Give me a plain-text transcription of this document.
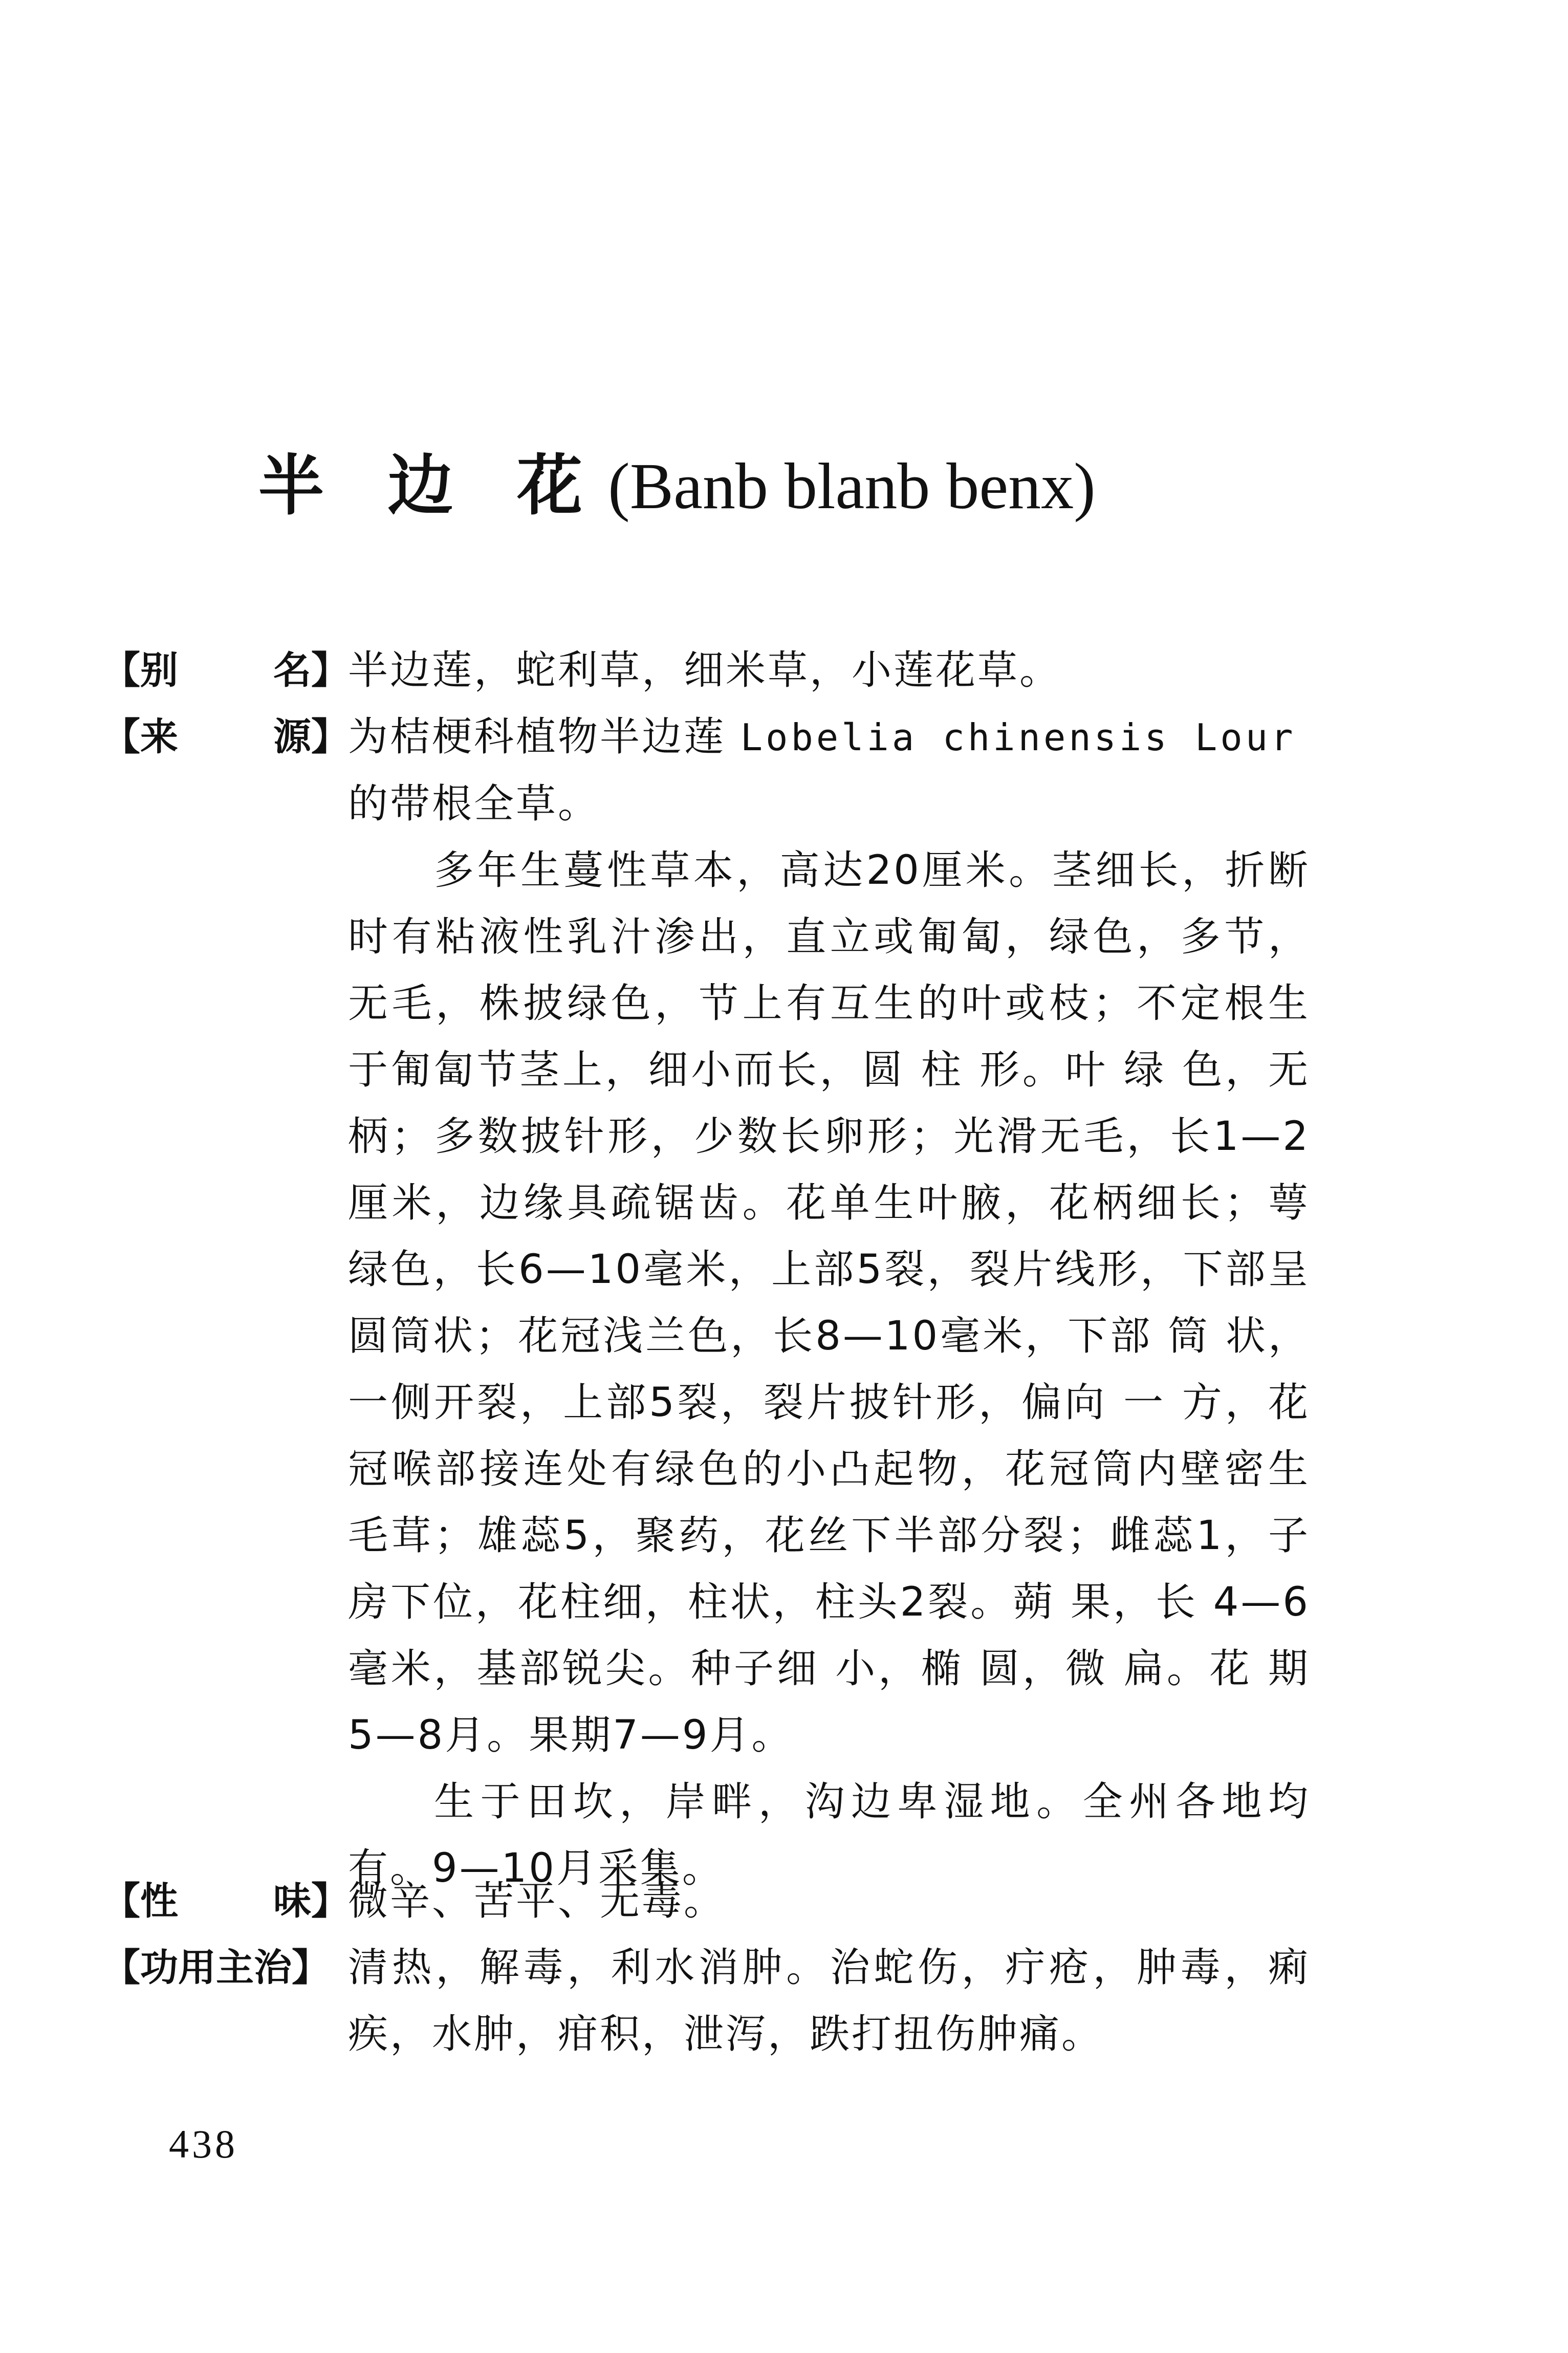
半 边 花(Banb blanb benx)
【别	名】
半边莲，蛇利草，细米草，小莲花草。
【来	源】
为桔梗科植物半边莲 Lobelia chinensis Lour
的带根全草。

多年生蔓性草本，高达20厘米。茎细长，折断时有粘液性乳汁渗出，直立或匍匐，绿色，多节，无毛，株披绿色，节上有互生的叶或枝；不定根生于匍匐节茎上，细小而长，圆 柱 形。叶 绿 色，无柄；多数披针形，少数长卵形；光滑无毛，长1—2厘米，边缘具疏锯齿。花单生叶腋，花柄细长；萼绿色，长6—10毫米，上部5裂，裂片线形，下部呈圆筒状；花冠浅兰色，长8—10毫米，下部 筒 状，一侧开裂，上部5裂，裂片披针形，偏向 一 方，花冠喉部接连处有绿色的小凸起物，花冠筒内壁密生毛茸；雄蕊5，聚药，花丝下半部分裂；雌蕊1，子房下位，花柱细，柱状，柱头2裂。蒴 果，长 4—6毫米，基部锐尖。种子细 小，椭 圆，微 扁。花 期5—8月。果期7—9月。

生于田坎，岸畔，沟边卑湿地。全州各地均有。9—10月采集。

【性	味】
微辛、苦平、无毒。
【功用主治】 清热，解毒，利水消肿。治蛇伤，疔疮，肿毒，痢疾，水肿，疳积，泄泻，跌打扭伤肿痛。
438
